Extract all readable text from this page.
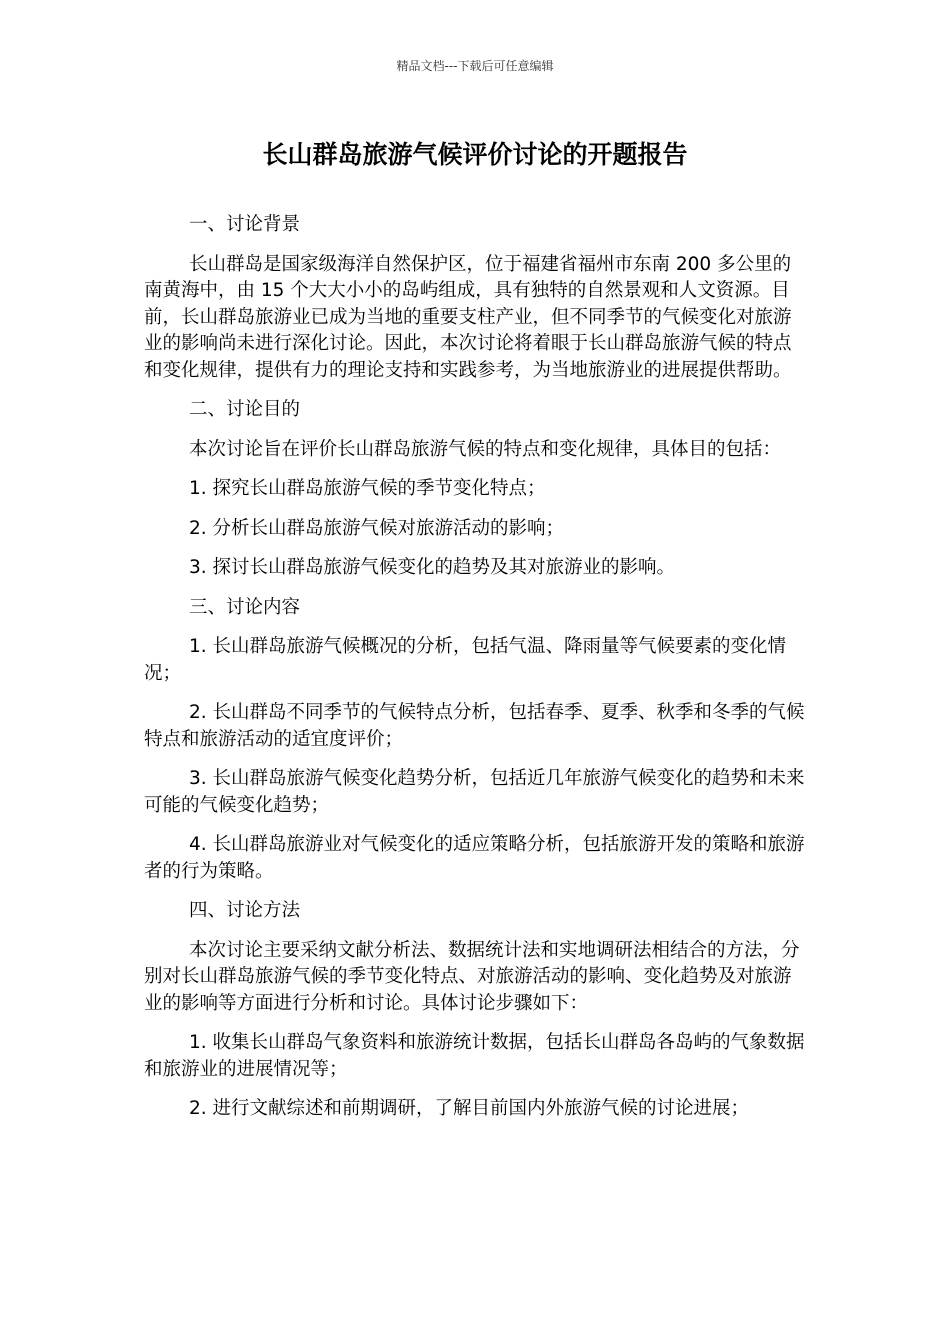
精品文档---下载后可任意编辑
长山群岛旅游气候评价讨论的开题报告

一、讨论背景

长山群岛是国家级海洋自然保护区，位于福建省福州市东南 200 多公里的南黄海中，由 15 个大大小小的岛屿组成，具有独特的自然景观和人文资源。目前，长山群岛旅游业已成为当地的重要支柱产业，但不同季节的气候变化对旅游业的影响尚未进行深化讨论。因此，本次讨论将着眼于长山群岛旅游气候的特点和变化规律，提供有力的理论支持和实践参考，为当地旅游业的进展提供帮助。

二、讨论目的

本次讨论旨在评价长山群岛旅游气候的特点和变化规律，具体目的包括：

1. 探究长山群岛旅游气候的季节变化特点；

2. 分析长山群岛旅游气候对旅游活动的影响；

3. 探讨长山群岛旅游气候变化的趋势及其对旅游业的影响。

三、讨论内容

1. 长山群岛旅游气候概况的分析，包括气温、降雨量等气候要素的变化情况；

2. 长山群岛不同季节的气候特点分析，包括春季、夏季、秋季和冬季的气候特点和旅游活动的适宜度评价；

3. 长山群岛旅游气候变化趋势分析，包括近几年旅游气候变化的趋势和未来可能的气候变化趋势；

4. 长山群岛旅游业对气候变化的适应策略分析，包括旅游开发的策略和旅游者的行为策略。

四、讨论方法

本次讨论主要采纳文献分析法、数据统计法和实地调研法相结合的方法，分别对长山群岛旅游气候的季节变化特点、对旅游活动的影响、变化趋势及对旅游业的影响等方面进行分析和讨论。具体讨论步骤如下：

1. 收集长山群岛气象资料和旅游统计数据，包括长山群岛各岛屿的气象数据和旅游业的进展情况等；

2. 进行文献综述和前期调研，了解目前国内外旅游气候的讨论进展；
